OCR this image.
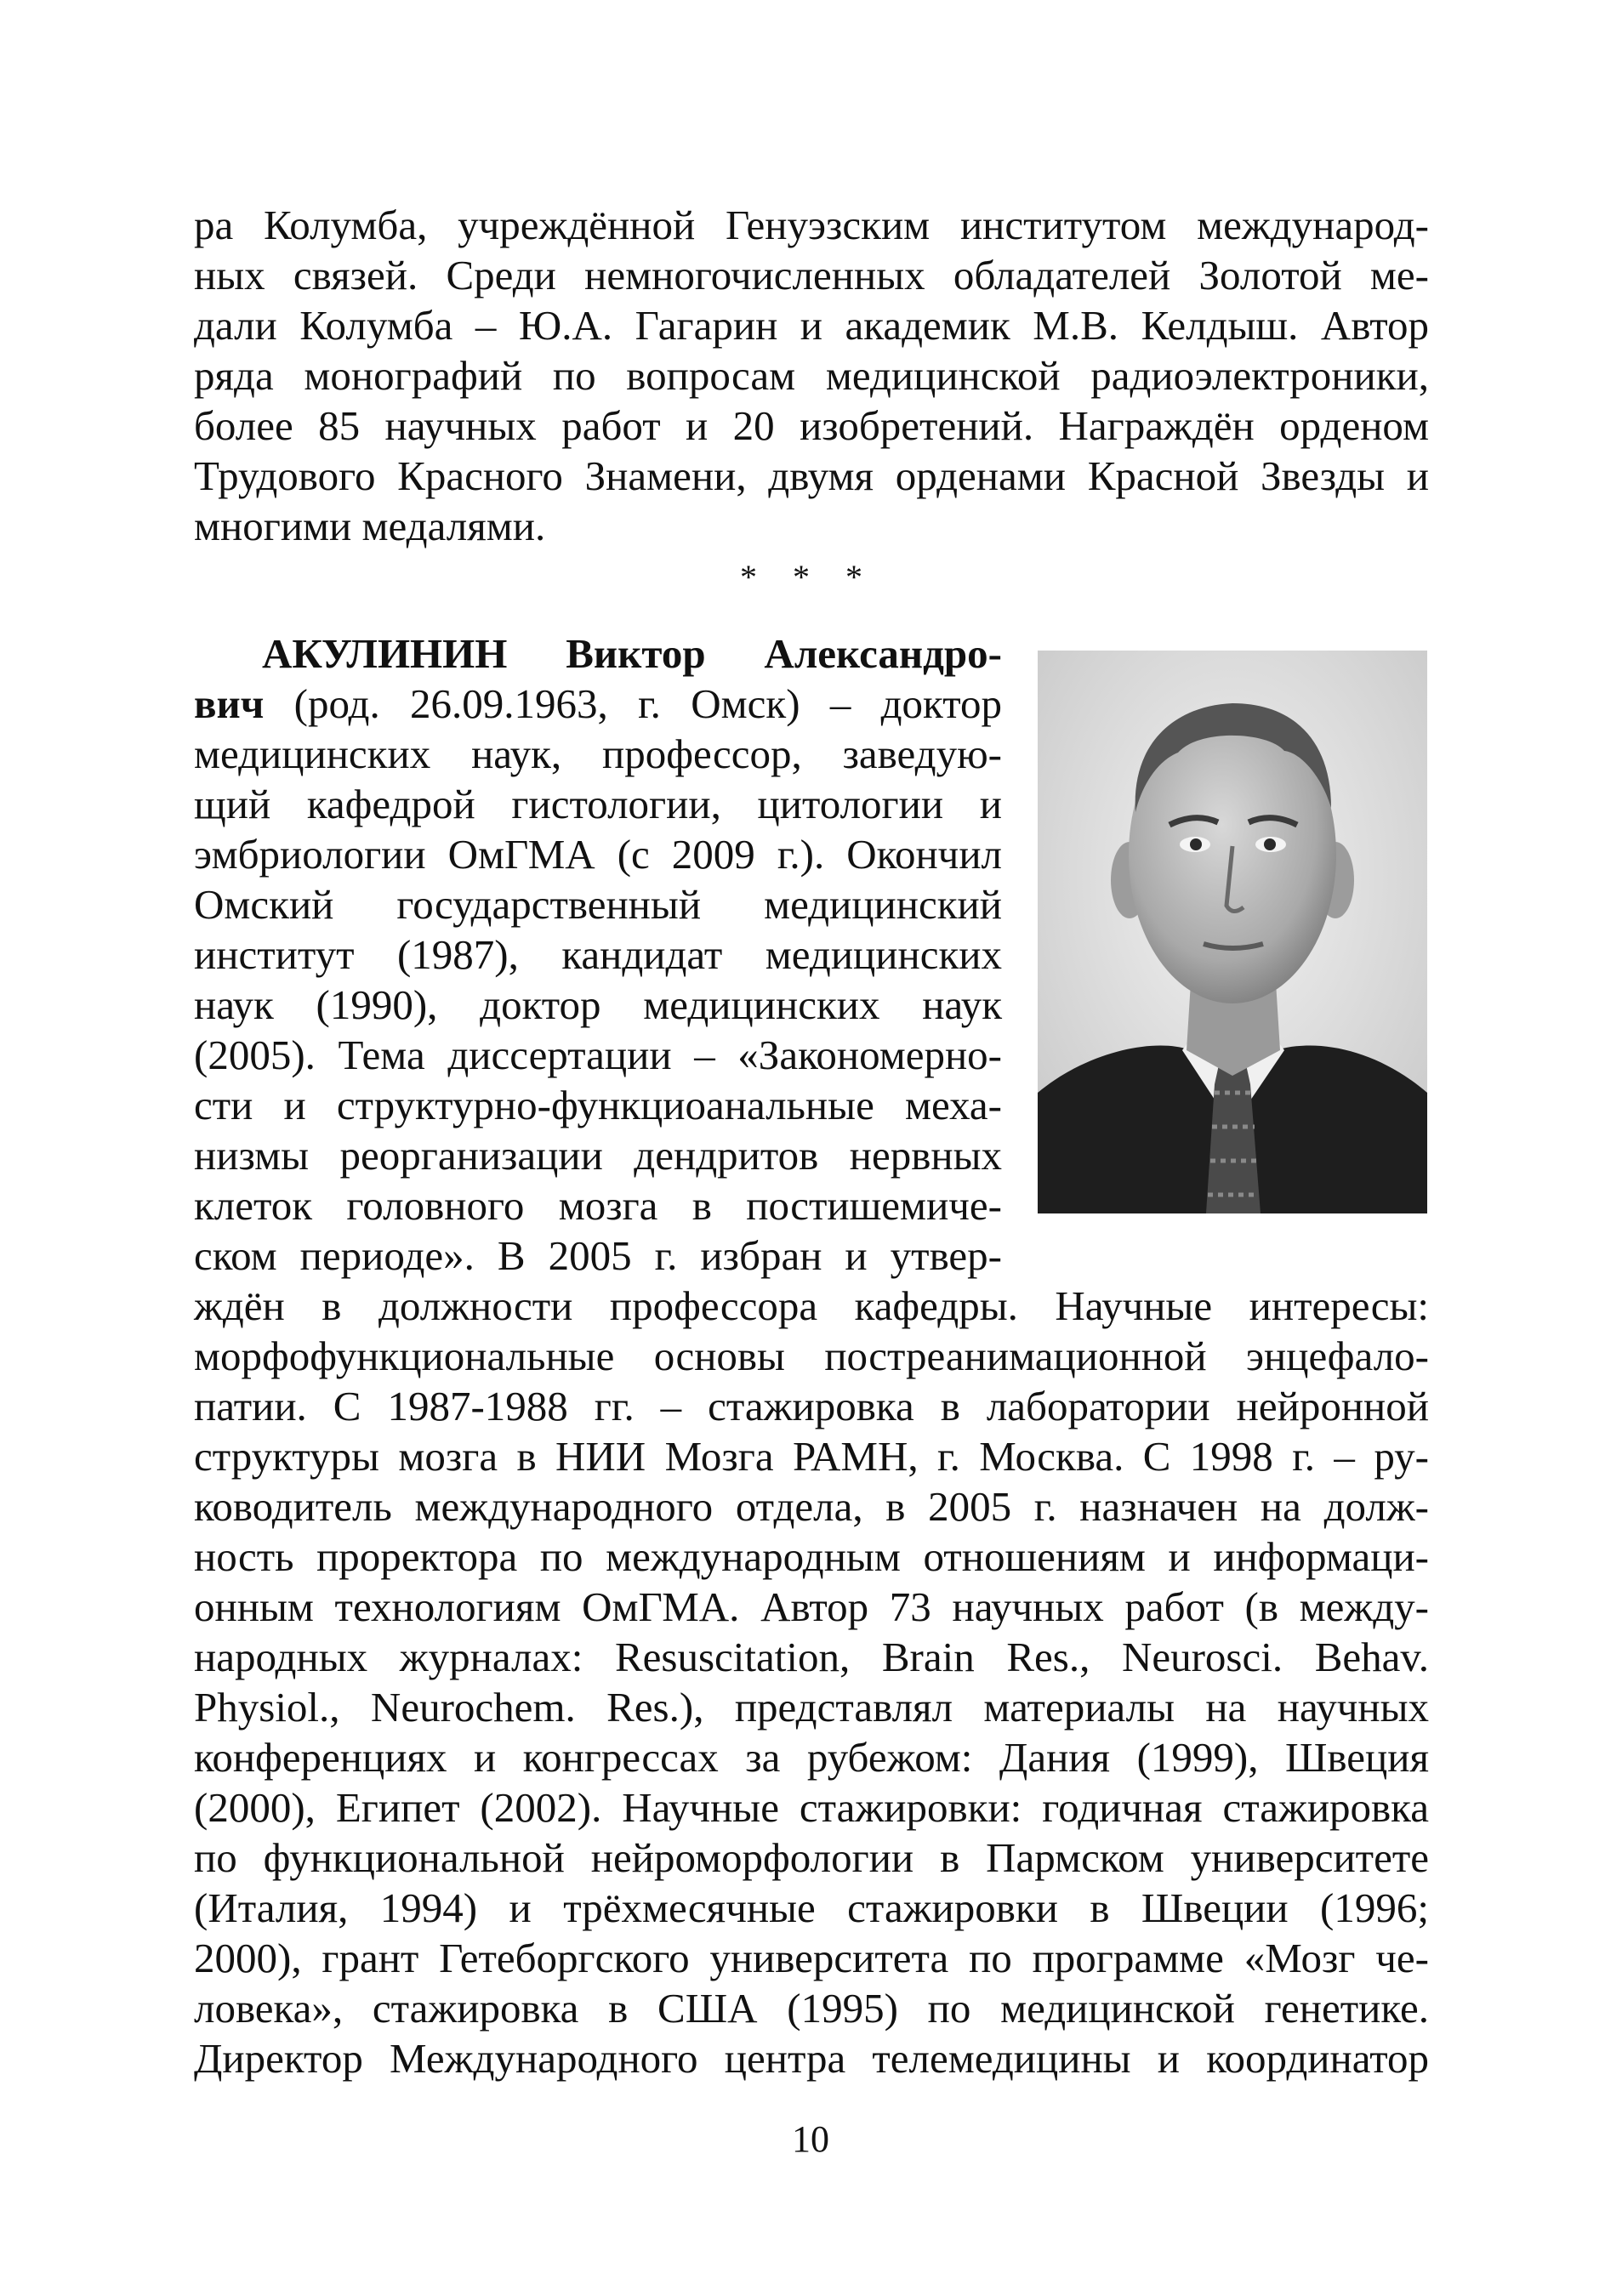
ра Колумба, учреждённой Генуэзским институтом международ-

ных связей. Среди немногочисленных обладателей Золотой ме-

дали Колумба – Ю.А. Гагарин и академик М.В. Келдыш. Автор

ряда монографий по вопросам медицинской радиоэлектроники,

более 85 научных работ и 20 изобретений. Награждён орденом

Трудового Красного Знамени, двумя орденами Красной Звезды и

многими медалями.

* * *

АКУЛИНИН Виктор Александро-

вич (род. 26.09.1963, г. Омск) – доктор

медицинских наук, профессор, заведую-

щий кафедрой гистологии, цитологии и

эмбриологии ОмГМА (с 2009 г.). Окончил

Омский государственный медицинский

институт (1987), кандидат медицинских

наук (1990), доктор медицинских наук

(2005). Тема диссертации – «Закономерно-

сти и структурно-функциоанальные меха-

низмы реорганизации дендритов нервных

клеток головного мозга в постишемиче-

ском периоде». В 2005 г. избран и утвер-

ждён в должности профессора кафедры. Научные интересы:

морфофункциональные основы постреанимационной энцефало-

патии. С 1987-1988 гг. – стажировка в лаборатории нейронной

структуры мозга в НИИ Мозга РАМН, г. Москва. С 1998 г. – ру-

ководитель международного отдела, в 2005 г. назначен на долж-

ность проректора по международным отношениям и информаци-

онным технологиям ОмГМА. Автор 73 научных работ (в между-

народных журналах: Resuscitation, Brain Res., Neurosci. Behav.

Physiol., Neurochem. Res.), представлял материалы на научных

конференциях и конгрессах за рубежом: Дания (1999), Швеция

(2000), Египет (2002). Научные стажировки: годичная стажировка

по функциональной нейроморфологии в Пармском университете

(Италия, 1994) и трёхмесячные стажировки в Швеции (1996;

2000), грант Гетеборгского университета по программе «Мозг че-

ловека», стажировка в США (1995) по медицинской генетике.

Директор Международного центра телемедицины и координатор

10
